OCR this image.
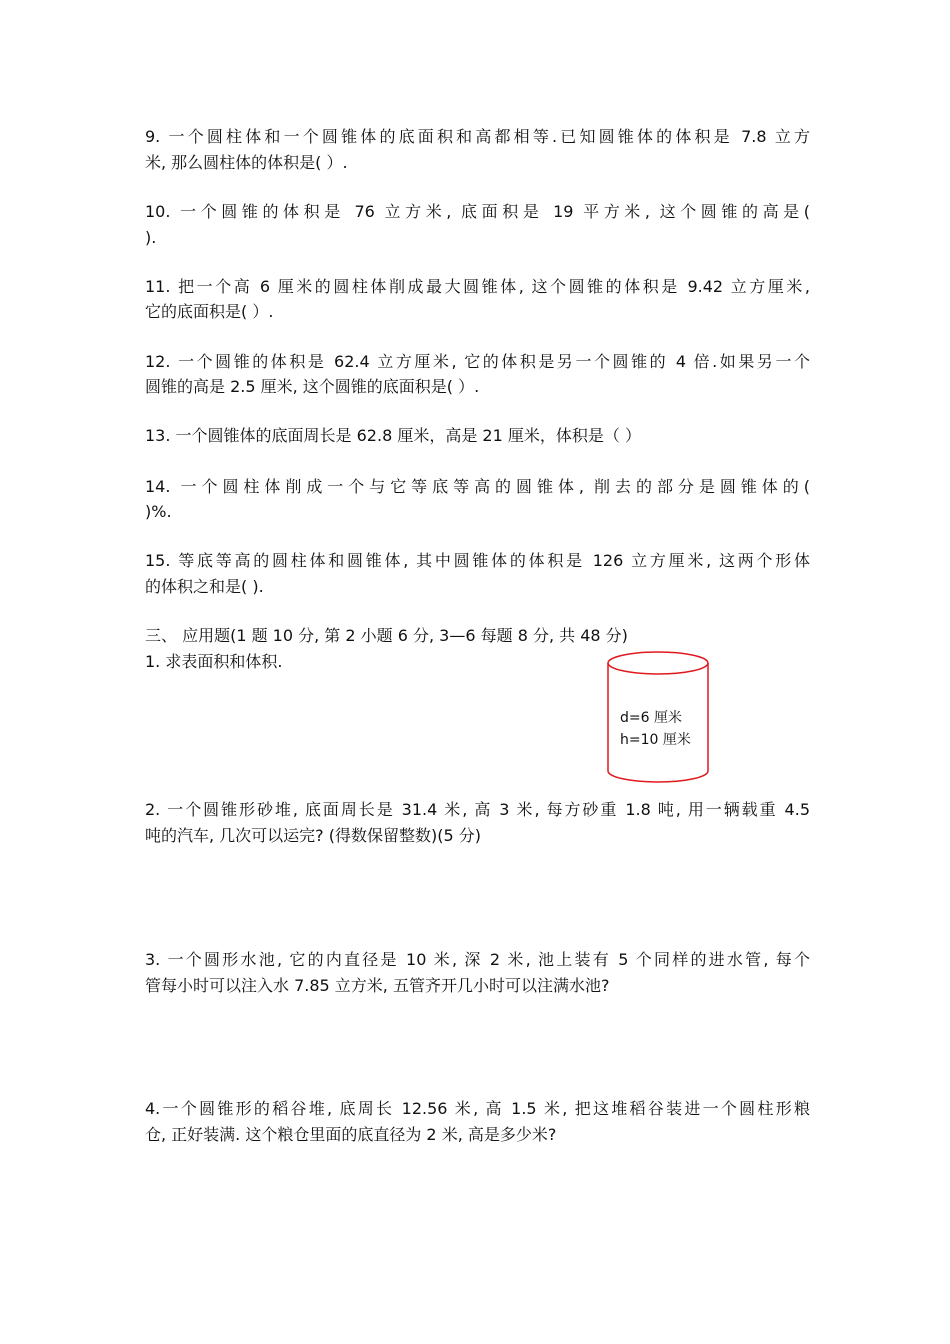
9. 一个圆柱体和一个圆锥体的底面积和高都相等.已知圆锥体的体积是 7.8 立方
米, 那么圆柱体的体积是( ）.
10. 一个圆锥的体积是 76 立方米, 底面积是 19 平方米, 这个圆锥的高是(
).
11. 把一个高 6 厘米的圆柱体削成最大圆锥体, 这个圆锥的体积是 9.42 立方厘米,
它的底面积是( ）.
12. 一个圆锥的体积是 62.4 立方厘米, 它的体积是另一个圆锥的 4 倍.如果另一个
圆锥的高是 2.5 厘米, 这个圆锥的底面积是( ）.
13. 一个圆锥体的底面周长是 62.8 厘米，高是 21 厘米，体积是（ ）
14. 一个圆柱体削成一个与它等底等高的圆锥体, 削去的部分是圆锥体的(
)%.
15. 等底等高的圆柱体和圆锥体, 其中圆锥体的体积是 126 立方厘米, 这两个形体
的体积之和是( ).
三、 应用题(1 题 10 分, 第 2 小题 6 分, 3—6 每题 8 分, 共 48 分)
1. 求表面积和体积.
d=6 厘米
h=10 厘米
2. 一个圆锥形砂堆, 底面周长是 31.4 米, 高 3 米, 每方砂重 1.8 吨, 用一辆载重 4.5
吨的汽车, 几次可以运完? (得数保留整数)(5 分)
3. 一个圆形水池, 它的内直径是 10 米, 深 2 米, 池上装有 5 个同样的进水管, 每个
管每小时可以注入水 7.85 立方米, 五管齐开几小时可以注满水池?
4.一个圆锥形的稻谷堆, 底周长 12.56 米, 高 1.5 米, 把这堆稻谷装进一个圆柱形粮
仓, 正好装满. 这个粮仓里面的底直径为 2 米, 高是多少米?
